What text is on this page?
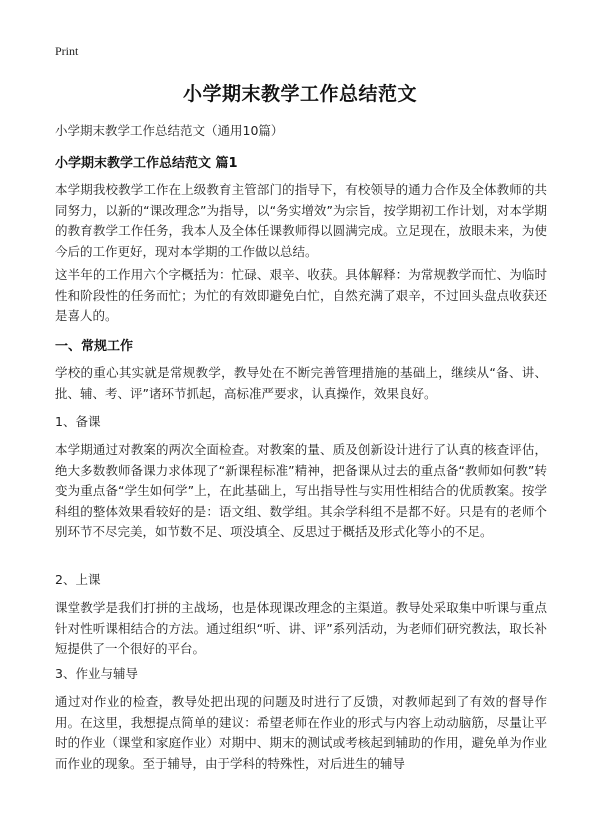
Print
小学期末教学工作总结范文
小学期末教学工作总结范文（通用10篇）
小学期末教学工作总结范文 篇1
本学期我校教学工作在上级教育主管部门的指导下，有校领导的通力合作及全体教师的共同努力，以新的“课改理念”为指导，以“务实增效”为宗旨，按学期初工作计划，对本学期的教育教学工作任务，我本人及全体任课教师得以圆满完成。立足现在，放眼未来，为使今后的工作更好，现对本学期的工作做以总结。
这半年的工作用六个字概括为：忙碌、艰辛、收获。具体解释：为常规教学而忙、为临时性和阶段性的任务而忙；为忙的有效即避免白忙，自然充满了艰辛，不过回头盘点收获还是喜人的。
一、常规工作
学校的重心其实就是常规教学，教导处在不断完善管理措施的基础上，继续从“备、讲、批、辅、考、评”诸环节抓起，高标准严要求，认真操作，效果良好。
1、备课
本学期通过对教案的两次全面检查。对教案的量、质及创新设计进行了认真的核查评估，绝大多数教师备课力求体现了“新课程标准”精神，把备课从过去的重点备“教师如何教”转变为重点备“学生如何学”上，在此基础上，写出指导性与实用性相结合的优质教案。按学科组的整体效果看较好的是：语文组、数学组。其余学科组不是都不好。只是有的老师个别环节不尽完美，如节数不足、项没填全、反思过于概括及形式化等小的不足。
2、上课
课堂教学是我们打拼的主战场，也是体现课改理念的主渠道。教导处采取集中听课与重点针对性听课相结合的方法。通过组织“听、讲、评”系列活动，为老师们研究教法，取长补短提供了一个很好的平台。
3、作业与辅导
通过对作业的检查，教导处把出现的问题及时进行了反馈，对教师起到了有效的督导作用。在这里，我想提点简单的建议：希望老师在作业的形式与内容上动动脑筋，尽量让平时的作业（课堂和家庭作业）对期中、期末的测试或考核起到辅助的作用，避免单为作业而作业的现象。至于辅导，由于学科的特殊性，对后进生的辅导
